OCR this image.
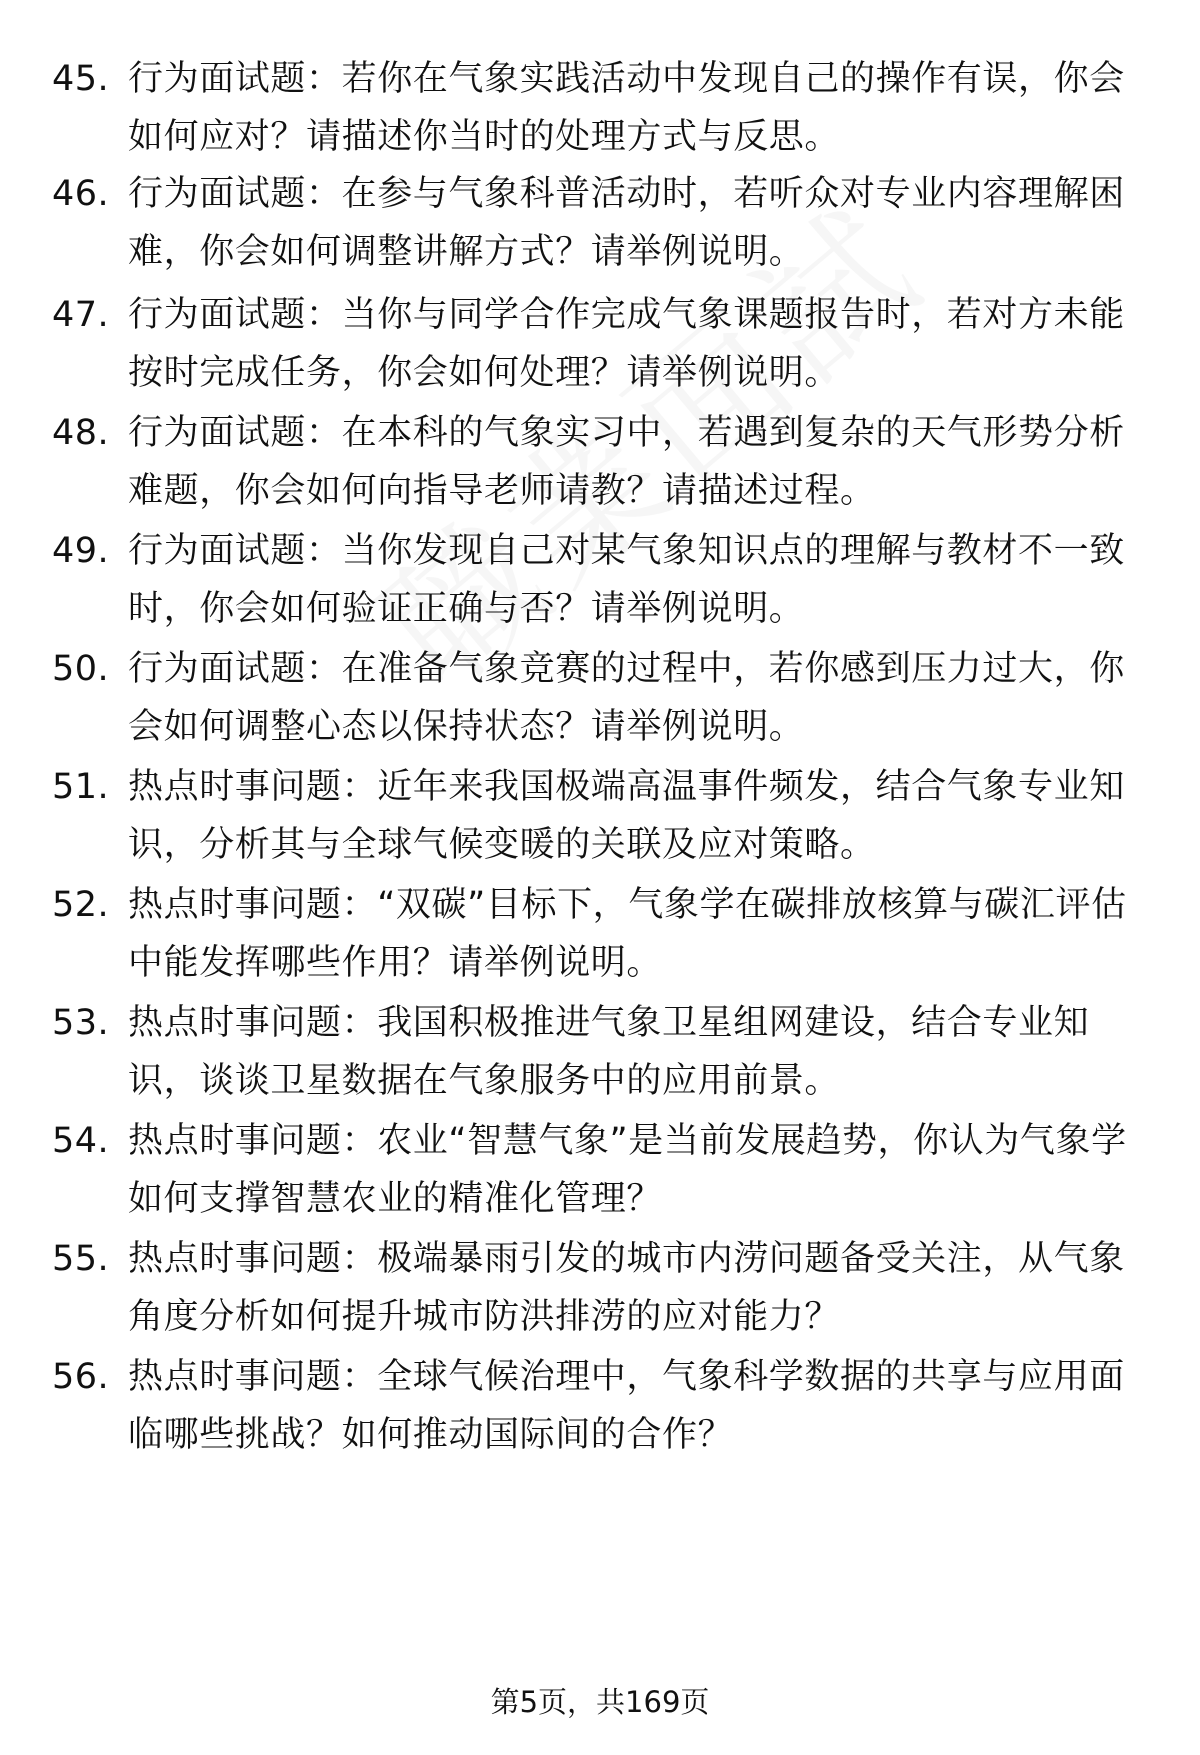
45. 行为面试题：若你在气象实践活动中发现自己的操作有误，你会如何应对？请描述你当时的处理方式与反思。
46. 行为面试题：在参与气象科普活动时，若听众对专业内容理解困难，你会如何调整讲解方式？请举例说明。
47. 行为面试题：当你与同学合作完成气象课题报告时，若对方未能按时完成任务，你会如何处理？请举例说明。
48. 行为面试题：在本科的气象实习中，若遇到复杂的天气形势分析难题，你会如何向指导老师请教？请描述过程。
49. 行为面试题：当你发现自己对某气象知识点的理解与教材不一致时，你会如何验证正确与否？请举例说明。
50. 行为面试题：在准备气象竞赛的过程中，若你感到压力过大，你会如何调整心态以保持状态？请举例说明。
51. 热点时事问题：近年来我国极端高温事件频发，结合气象专业知识，分析其与全球气候变暖的关联及应对策略。
52. 热点时事问题：“双碳”目标下，气象学在碳排放核算与碳汇评估中能发挥哪些作用？请举例说明。
53. 热点时事问题：我国积极推进气象卫星组网建设，结合专业知识，谈谈卫星数据在气象服务中的应用前景。
54. 热点时事问题：农业“智慧气象”是当前发展趋势，你认为气象学如何支撑智慧农业的精准化管理？
55. 热点时事问题：极端暴雨引发的城市内涝问题备受关注，从气象角度分析如何提升城市防洪排涝的应对能力？
56. 热点时事问题：全球气候治理中，气象科学数据的共享与应用面临哪些挑战？如何推动国际间的合作？
第5页，共169页
